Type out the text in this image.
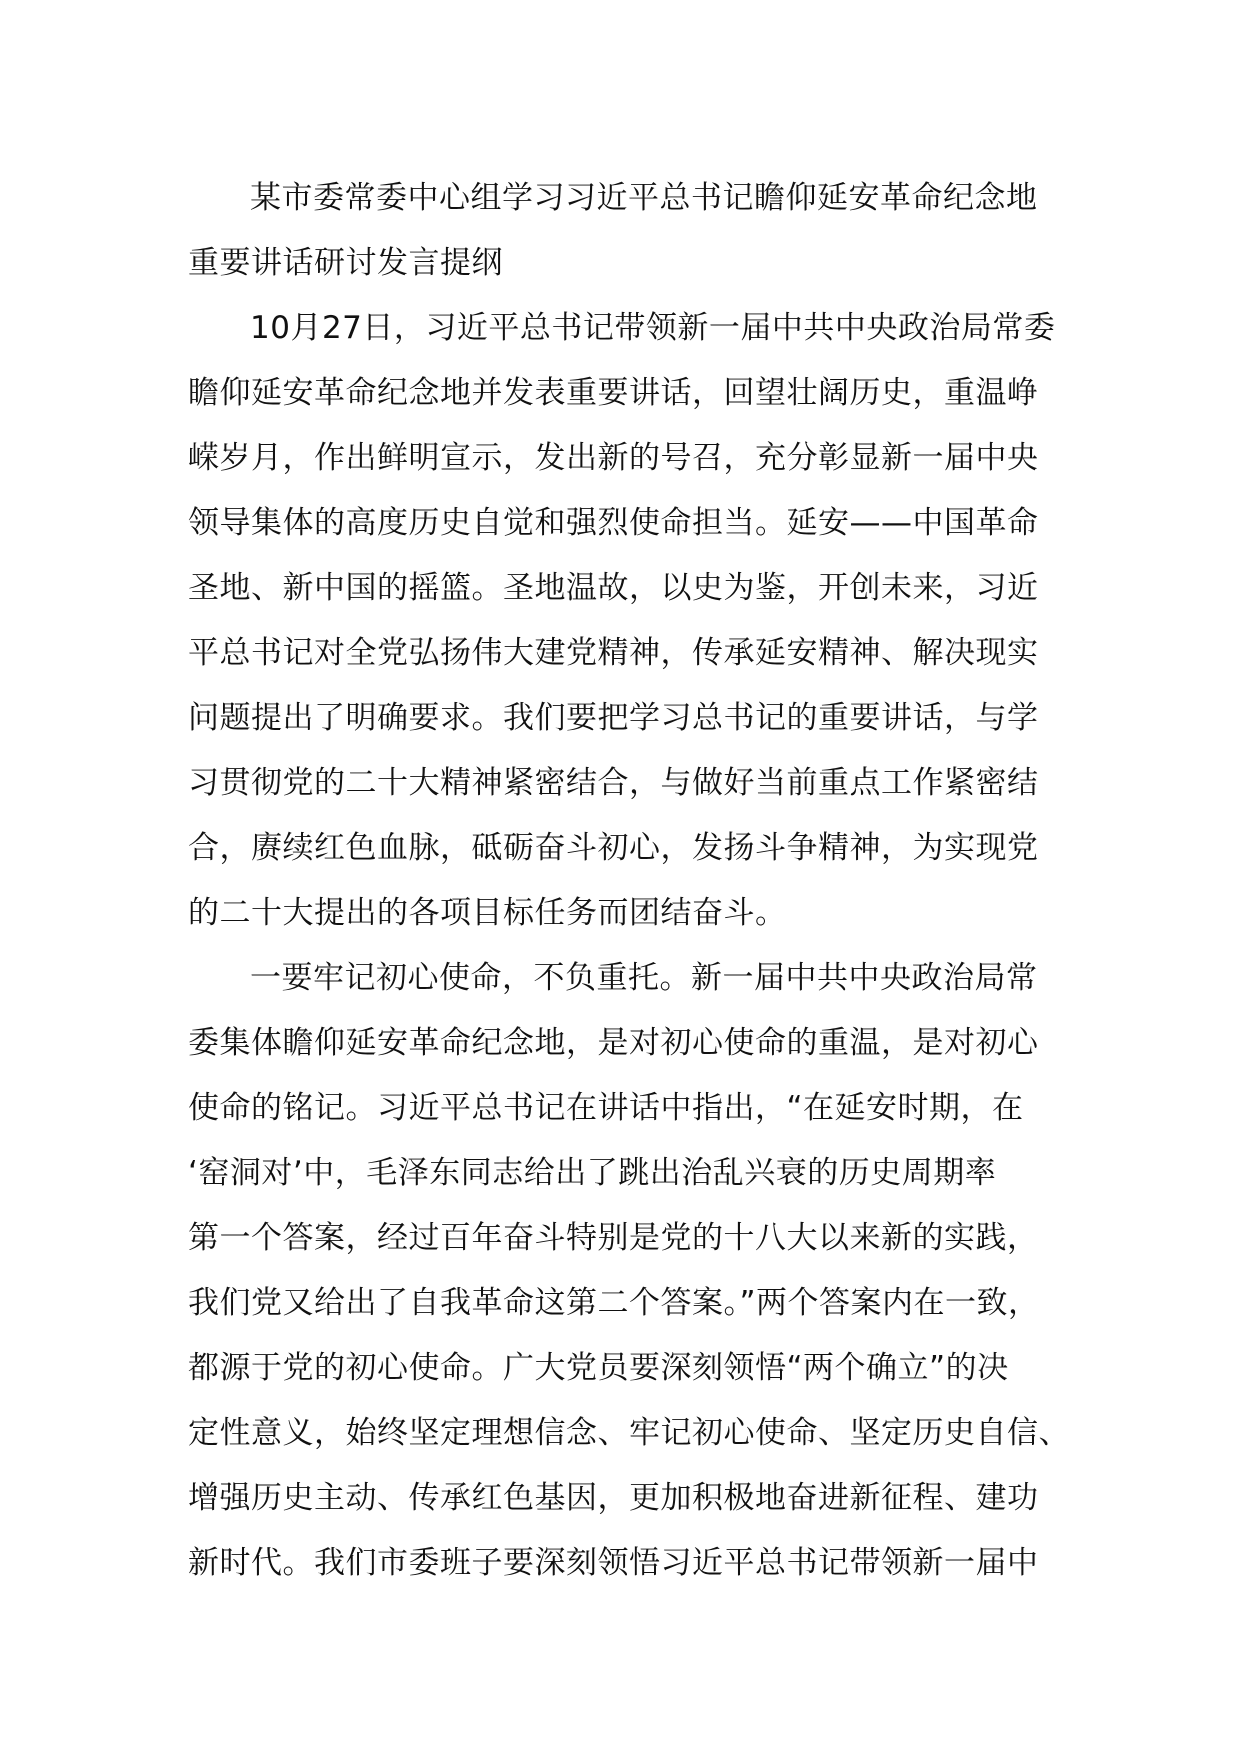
某市委常委中心组学习习近平总书记瞻仰延安革命纪念地
重要讲话研讨发言提纲
10月27日，习近平总书记带领新一届中共中央政治局常委
瞻仰延安革命纪念地并发表重要讲话，回望壮阔历史，重温峥
嵘岁月，作出鲜明宣示，发出新的号召，充分彰显新一届中央
领导集体的高度历史自觉和强烈使命担当。延安——中国革命
圣地、新中国的摇篮。圣地温故，以史为鉴，开创未来，习近
平总书记对全党弘扬伟大建党精神，传承延安精神、解决现实
问题提出了明确要求。我们要把学习总书记的重要讲话，与学
习贯彻党的二十大精神紧密结合，与做好当前重点工作紧密结
合，赓续红色血脉，砥砺奋斗初心，发扬斗争精神，为实现党
的二十大提出的各项目标任务而团结奋斗。
一要牢记初心使命，不负重托。新一届中共中央政治局常
委集体瞻仰延安革命纪念地，是对初心使命的重温，是对初心
使命的铭记。习近平总书记在讲话中指出，“在延安时期，在
‘窑洞对’中，毛泽东同志给出了跳出治乱兴衰的历史周期率
第一个答案，经过百年奋斗特别是党的十八大以来新的实践，
我们党又给出了自我革命这第二个答案。”两个答案内在一致，
都源于党的初心使命。广大党员要深刻领悟“两个确立”的决
定性意义，始终坚定理想信念、牢记初心使命、坚定历史自信、
增强历史主动、传承红色基因，更加积极地奋进新征程、建功
新时代。我们市委班子要深刻领悟习近平总书记带领新一届中
